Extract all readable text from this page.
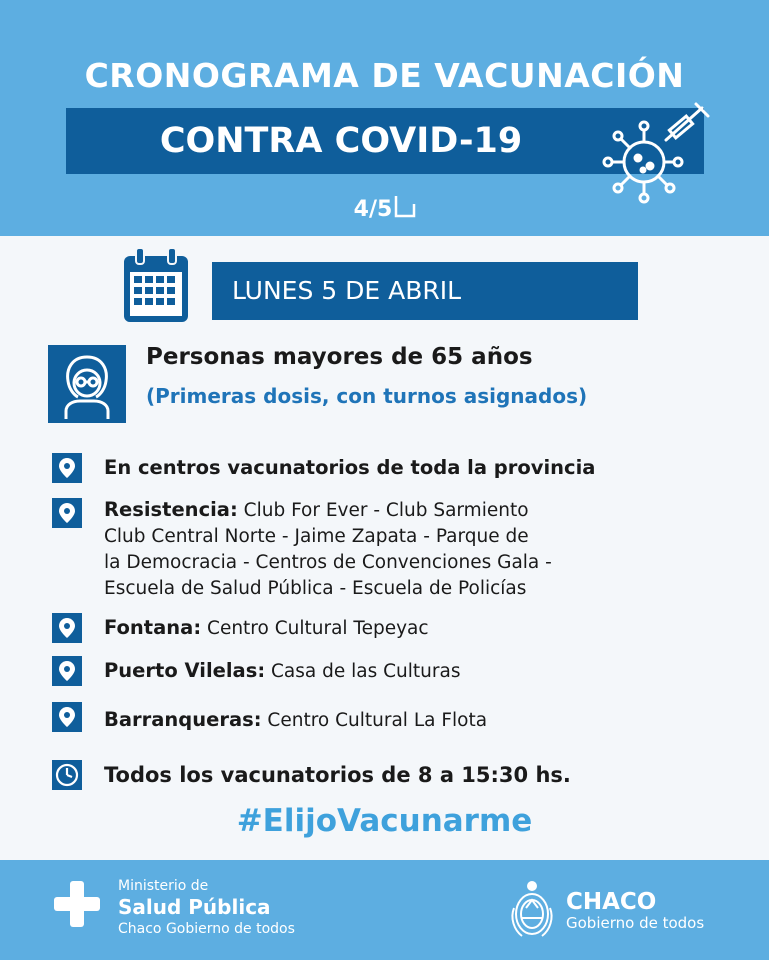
CRONOGRAMA DE VACUNACIÓN
CONTRA COVID-19
4/5
LUNES 5 DE ABRIL
Personas mayores de 65 años
(Primeras dosis, con turnos asignados)
En centros vacunatorios de toda la provincia
Resistencia: Club For Ever - Club Sarmiento
Club Central Norte - Jaime Zapata - Parque de
la Democracia - Centros de Convenciones Gala -
Escuela de Salud Pública - Escuela de Policías
Fontana: Centro Cultural Tepeyac
Puerto Vilelas: Casa de las Culturas
Barranqueras: Centro Cultural La Flota
Todos los vacunatorios de 8 a 15:30 hs.
#ElijoVacunarme
Ministerio de
Salud Pública
Chaco Gobierno de todos
CHACO
Gobierno de todos
